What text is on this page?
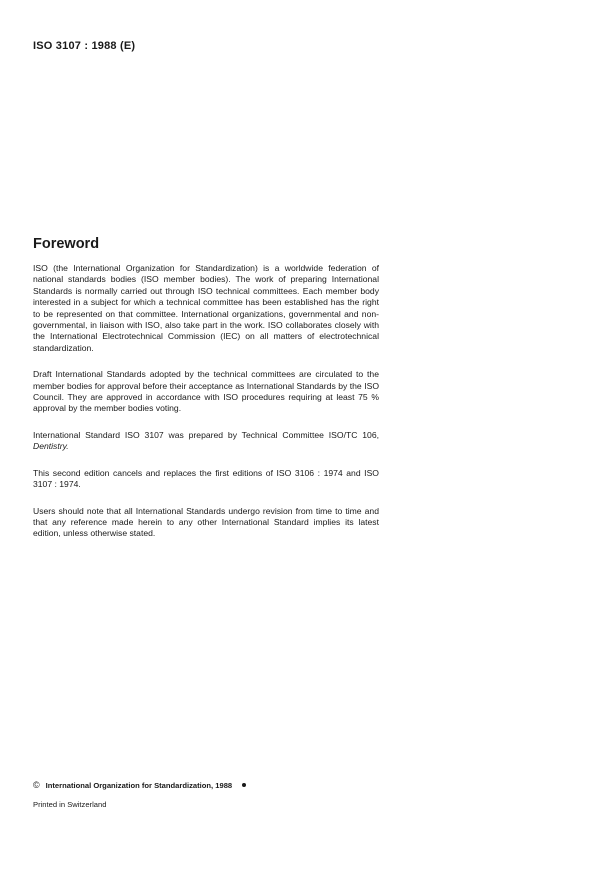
ISO 3107 : 1988 (E)
Foreword

ISO (the International Organization for Standardization) is a worldwide federation of national standards bodies (ISO member bodies). The work of preparing International Standards is normally carried out through ISO technical committees. Each member body interested in a subject for which a technical committee has been established has the right to be represented on that committee. International organizations, governmental and non-governmental, in liaison with ISO, also take part in the work. ISO collaborates closely with the International Electrotechnical Commission (IEC) on all matters of electrotechnical standardization.

Draft International Standards adopted by the technical committees are circulated to the member bodies for approval before their acceptance as International Standards by the ISO Council. They are approved in accordance with ISO procedures requiring at least 75 % approval by the member bodies voting.

International Standard ISO 3107 was prepared by Technical Committee ISO/TC 106, Dentistry.

This second edition cancels and replaces the first editions of ISO 3106 : 1974 and ISO 3107 : 1974.

Users should note that all International Standards undergo revision from time to time and that any reference made herein to any other International Standard implies its latest edition, unless otherwise stated.

© International Organization for Standardization, 1988
Printed in Switzerland
